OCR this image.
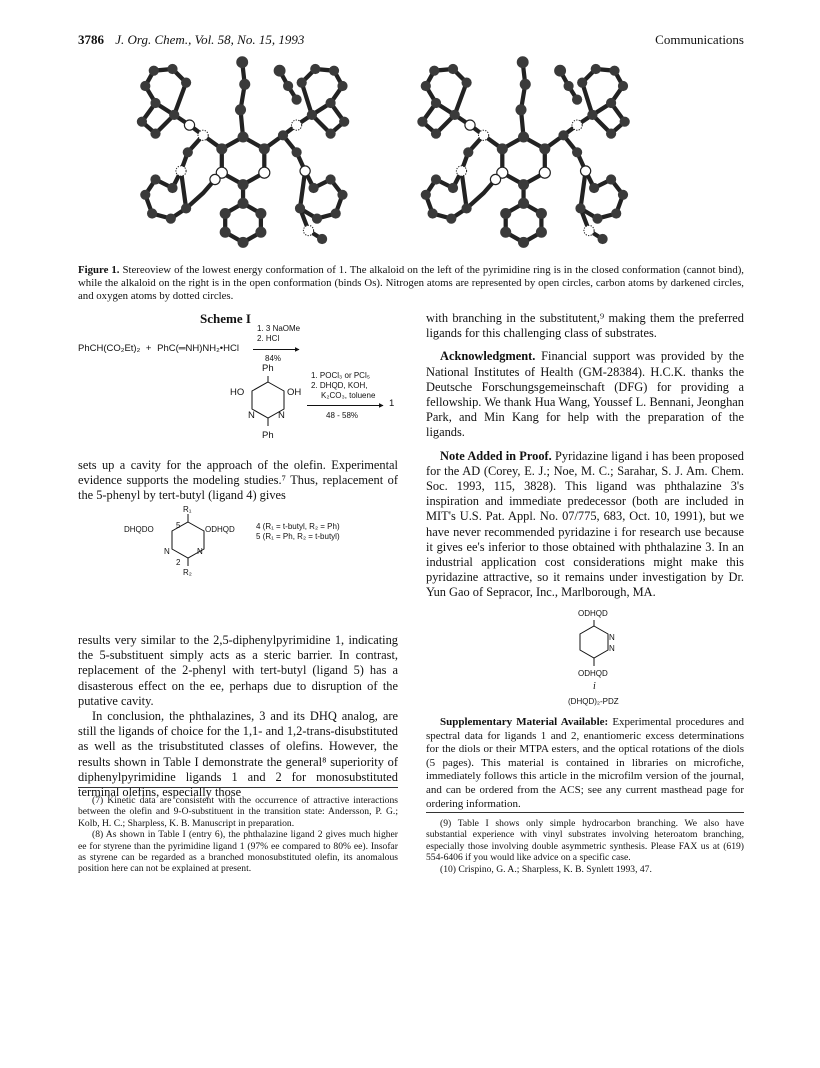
3786 J. Org. Chem., Vol. 58, No. 15, 1993	Communications
Figure 1. Stereoview of the lowest energy conformation of 1. The alkaloid on the left of the pyrimidine ring is in the closed conformation (cannot bind), while the alkaloid on the right is in the open conformation (binds Os). Nitrogen atoms are represented by open circles, carbon atoms by darkened circles, and oxygen atoms by dotted circles.
Scheme I
PhCH(CO₂Et)₂ + PhC(═NH)NH₂•HCl
1. 3 NaOMe
2. HCl
▶
84%
Ph
HO	OH
N N
Ph
1. POCl₃ or PCl₅
2. DHQD, KOH,
K₂CO₃, toluene
▶ 1
48 - 58%

sets up a cavity for the approach of the olefin. Experimental evidence supports the modeling studies.⁷ Thus, replacement of the 5-phenyl by tert-butyl (ligand 4) gives

R₁
DHQDO	ODHQD
5
N	N
2
R₂
4 (R₁ = t-butyl, R₂ = Ph)
5 (R₁ = Ph, R₂ = t-butyl)

results very similar to the 2,5-diphenylpyrimidine 1, indicating the 5-substituent simply acts as a steric barrier. In contrast, replacement of the 2-phenyl with tert-butyl (ligand 5) has a disasterous effect on the ee, perhaps due to disruption of the putative cavity.

In conclusion, the phthalazines, 3 and its DHQ analog, are still the ligands of choice for the 1,1- and 1,2-trans-disubstituted as well as the trisubstituted classes of olefins. However, the results shown in Table I demonstrate the general⁸ superiority of diphenylpyrimidine ligands 1 and 2 for monosubstituted terminal olefins, especially those

(7) Kinetic data are consistent with the occurrence of attractive interactions between the olefin and 9-O-substituent in the transition state: Andersson, P. G.; Kolb, H. C.; Sharpless, K. B. Manuscript in preparation.

(8) As shown in Table I (entry 6), the phthalazine ligand 2 gives much higher ee for styrene than the pyrimidine ligand 1 (97% ee compared to 80% ee). Insofar as styrene can be regarded as a branched monosubstituted olefin, its anomalous position here can not be explained at present.

with branching in the substitutent,⁹ making them the preferred ligands for this challenging class of substrates.

Acknowledgment. Financial support was provided by the National Institutes of Health (GM-28384). H.C.K. thanks the Deutsche Forschungsgemeinschaft (DFG) for providing a fellowship. We thank Hua Wang, Youssef L. Bennani, Jeonghan Park, and Min Kang for help with the preparation of the ligands.

Note Added in Proof. Pyridazine ligand i has been proposed for the AD (Corey, E. J.; Noe, M. C.; Sarahar, S. J. Am. Chem. Soc. 1993, 115, 3828). This ligand was phthalazine 3's inspiration and immediate predecessor (both are included in MIT's U.S. Pat. Appl. No. 07/775, 683, Oct. 10, 1991), but we have never recommended pyridazine i for research use because it gives ee's inferior to those obtained with phthalazine 3. In an industrial application cost considerations might make this pyridazine attractive, so it remains under investigation by Dr. Yun Gao of Sepracor, Inc., Marlborough, MA.

ODHQD
N
N
ODHQD
i
(DHQD)₂-PDZ

Supplementary Material Available: Experimental procedures and spectral data for ligands 1 and 2, enantiomeric excess determinations for the diols or their MTPA esters, and the optical rotations of the diols (5 pages). This material is contained in libraries on microfiche, immediately follows this article in the microfilm version of the journal, and can be ordered from the ACS; see any current masthead page for ordering information.

(9) Table I shows only simple hydrocarbon branching. We also have substantial experience with vinyl substrates involving heteroatom branching, especially those involving double asymmetric synthesis. Please FAX us at (619) 554-6406 if you would like advice on a specific case.

(10) Crispino, G. A.; Sharpless, K. B. Synlett 1993, 47.
